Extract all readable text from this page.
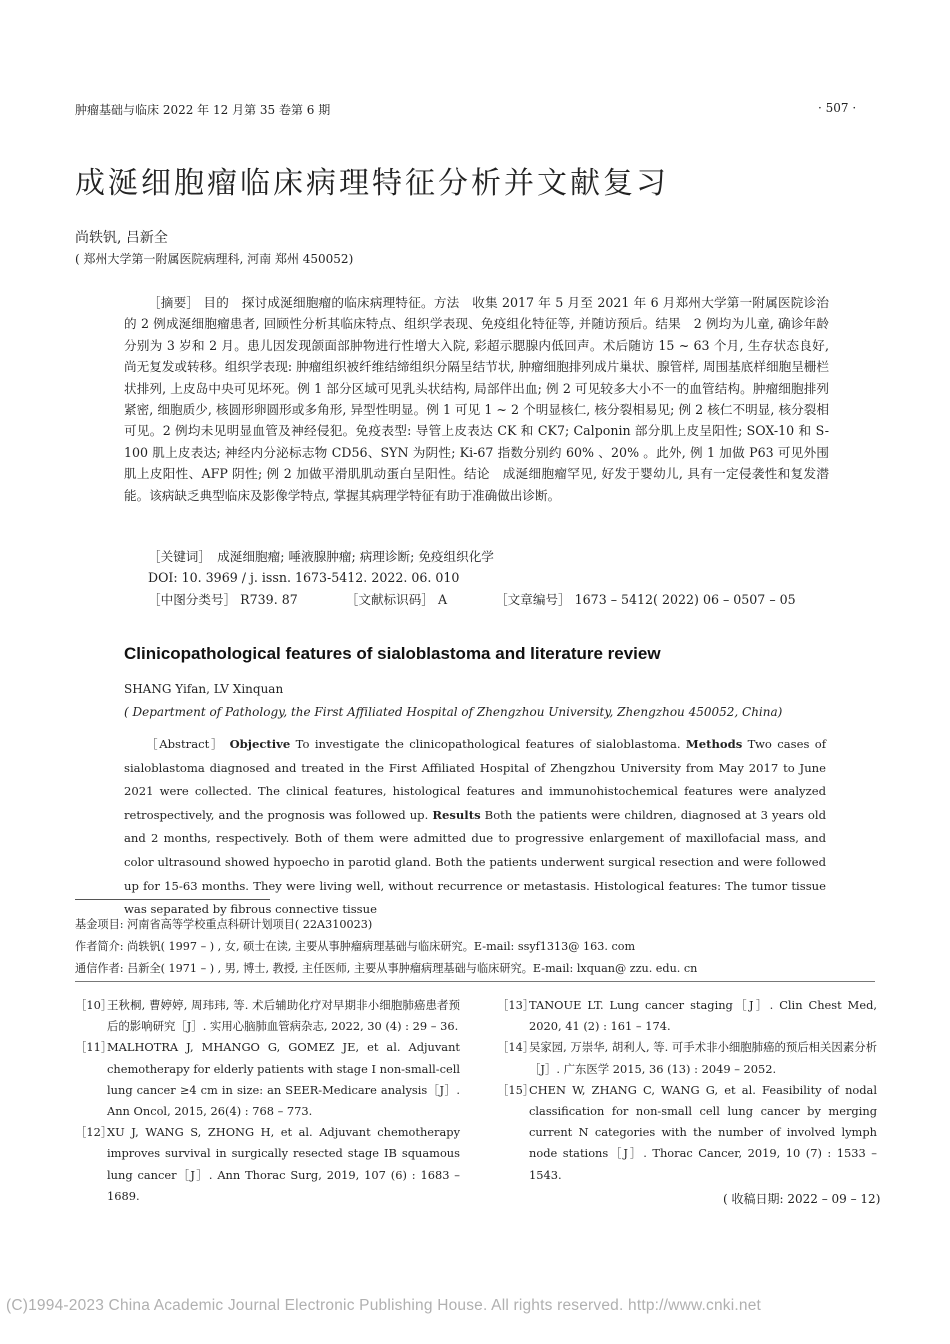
肿瘤基础与临床 2022 年 12 月第 35 卷第 6 期	· 507 ·
成涎细胞瘤临床病理特征分析并文献复习
尚轶钒, 吕新全
( 郑州大学第一附属医院病理科, 河南 郑州 450052)

［摘要］ 目的　探讨成涎细胞瘤的临床病理特征。方法　收集 2017 年 5 月至 2021 年 6 月郑州大学第一附属医院诊治的 2 例成涎细胞瘤患者, 回顾性分析其临床特点、组织学表现、免疫组化特征等, 并随访预后。结果　2 例均为儿童, 确诊年龄分别为 3 岁和 2 月。患儿因发现颌面部肿物进行性增大入院, 彩超示腮腺内低回声。术后随访 15 ~ 63 个月, 生存状态良好, 尚无复发或转移。组织学表现: 肿瘤组织被纤维结缔组织分隔呈结节状, 肿瘤细胞排列成片巢状、腺管样, 周围基底样细胞呈栅栏状排列, 上皮岛中央可见坏死。例 1 部分区域可见乳头状结构, 局部伴出血; 例 2 可见较多大小不一的血管结构。肿瘤细胞排列紧密, 细胞质少, 核圆形卵圆形或多角形, 异型性明显。例 1 可见 1 ~ 2 个明显核仁, 核分裂相易见; 例 2 核仁不明显, 核分裂相可见。2 例均未见明显血管及神经侵犯。免疫表型: 导管上皮表达 CK 和 CK7; Calponin 部分肌上皮呈阳性; SOX-10 和 S-100 肌上皮表达; 神经内分泌标志物 CD56、SYN 为阴性; Ki-67 指数分别约 60% 、20% 。此外, 例 1 加做 P63 可见外围肌上皮阳性、AFP 阴性; 例 2 加做平滑肌肌动蛋白呈阳性。结论　成涎细胞瘤罕见, 好发于婴幼儿, 具有一定侵袭性和复发潜能。该病缺乏典型临床及影像学特点, 掌握其病理学特征有助于准确做出诊断。

［关键词］　 成涎细胞瘤; 唾液腺肿瘤; 病理诊断; 免疫组织化学
DOI: 10. 3969 / j. issn. 1673-5412. 2022. 06. 010
［中图分类号］ R739. 87	［文献标识码］ A	［文章编号］ 1673 – 5412( 2022) 06 – 0507 – 05
Clinicopathological features of sialoblastoma and literature review
SHANG Yifan, LV Xinquan
( Department of Pathology, the First Affiliated Hospital of Zhengzhou University, Zhengzhou 450052, China)

［Abstract］ Objective To investigate the clinicopathological features of sialoblastoma. Methods Two cases of sialoblastoma diagnosed and treated in the First Affiliated Hospital of Zhengzhou University from May 2017 to June 2021 were collected. The clinical features, histological features and immunohistochemical features were analyzed retrospectively, and the prognosis was followed up. Results Both the patients were children, diagnosed at 3 years old and 2 months, respectively. Both of them were admitted due to progressive enlargement of maxillofacial mass, and color ultrasound showed hypoecho in parotid gland. Both the patients underwent surgical resection and were followed up for 15-63 months. They were living well, without recurrence or metastasis. Histological features: The tumor tissue was separated by fibrous connective tissue

基金项目: 河南省高等学校重点科研计划项目( 22A310023)
作者简介: 尚轶钒( 1997 – ) , 女, 硕士在读, 主要从事肿瘤病理基础与临床研究。E-mail: ssyf1313@ 163. com
通信作者: 吕新全( 1971 – ) , 男, 博士, 教授, 主任医师, 主要从事肿瘤病理基础与临床研究。E-mail: lxquan@ zzu. edu. cn
［10］
王秋桐, 曹婷婷, 周玮玮, 等. 术后辅助化疗对早期非小细胞肺癌患者预后的影响研究［J］. 实用心脑肺血管病杂志, 2022, 30 (4) : 29 – 36.
［11］
MALHOTRA J, MHANGO G, GOMEZ JE, et al. Adjuvant chemotherapy for elderly patients with stage I non-small-cell lung cancer ≥4 cm in size: an SEER-Medicare analysis［J］. Ann Oncol, 2015, 26(4) : 768 – 773.
［12］
XU J, WANG S, ZHONG H, et al. Adjuvant chemotherapy improves survival in surgically resected stage IB squamous lung cancer［J］. Ann Thorac Surg, 2019, 107 (6) : 1683 – 1689.
［13］
TANOUE LT. Lung cancer staging［J］. Clin Chest Med, 2020, 41 (2) : 161 – 174.
［14］
吴家园, 万崇华, 胡利人, 等. 可手术非小细胞肺癌的预后相关因素分析［J］. 广东医学 2015, 36 (13) : 2049 – 2052.
［15］
CHEN W, ZHANG C, WANG G, et al. Feasibility of nodal classification for non-small cell lung cancer by merging current N categories with the number of involved lymph node stations［J］. Thorac Cancer, 2019, 10 (7) : 1533 – 1543.
( 收稿日期: 2022 – 09 – 12)
(C)1994-2023 China Academic Journal Electronic Publishing House. All rights reserved. http://www.cnki.net
